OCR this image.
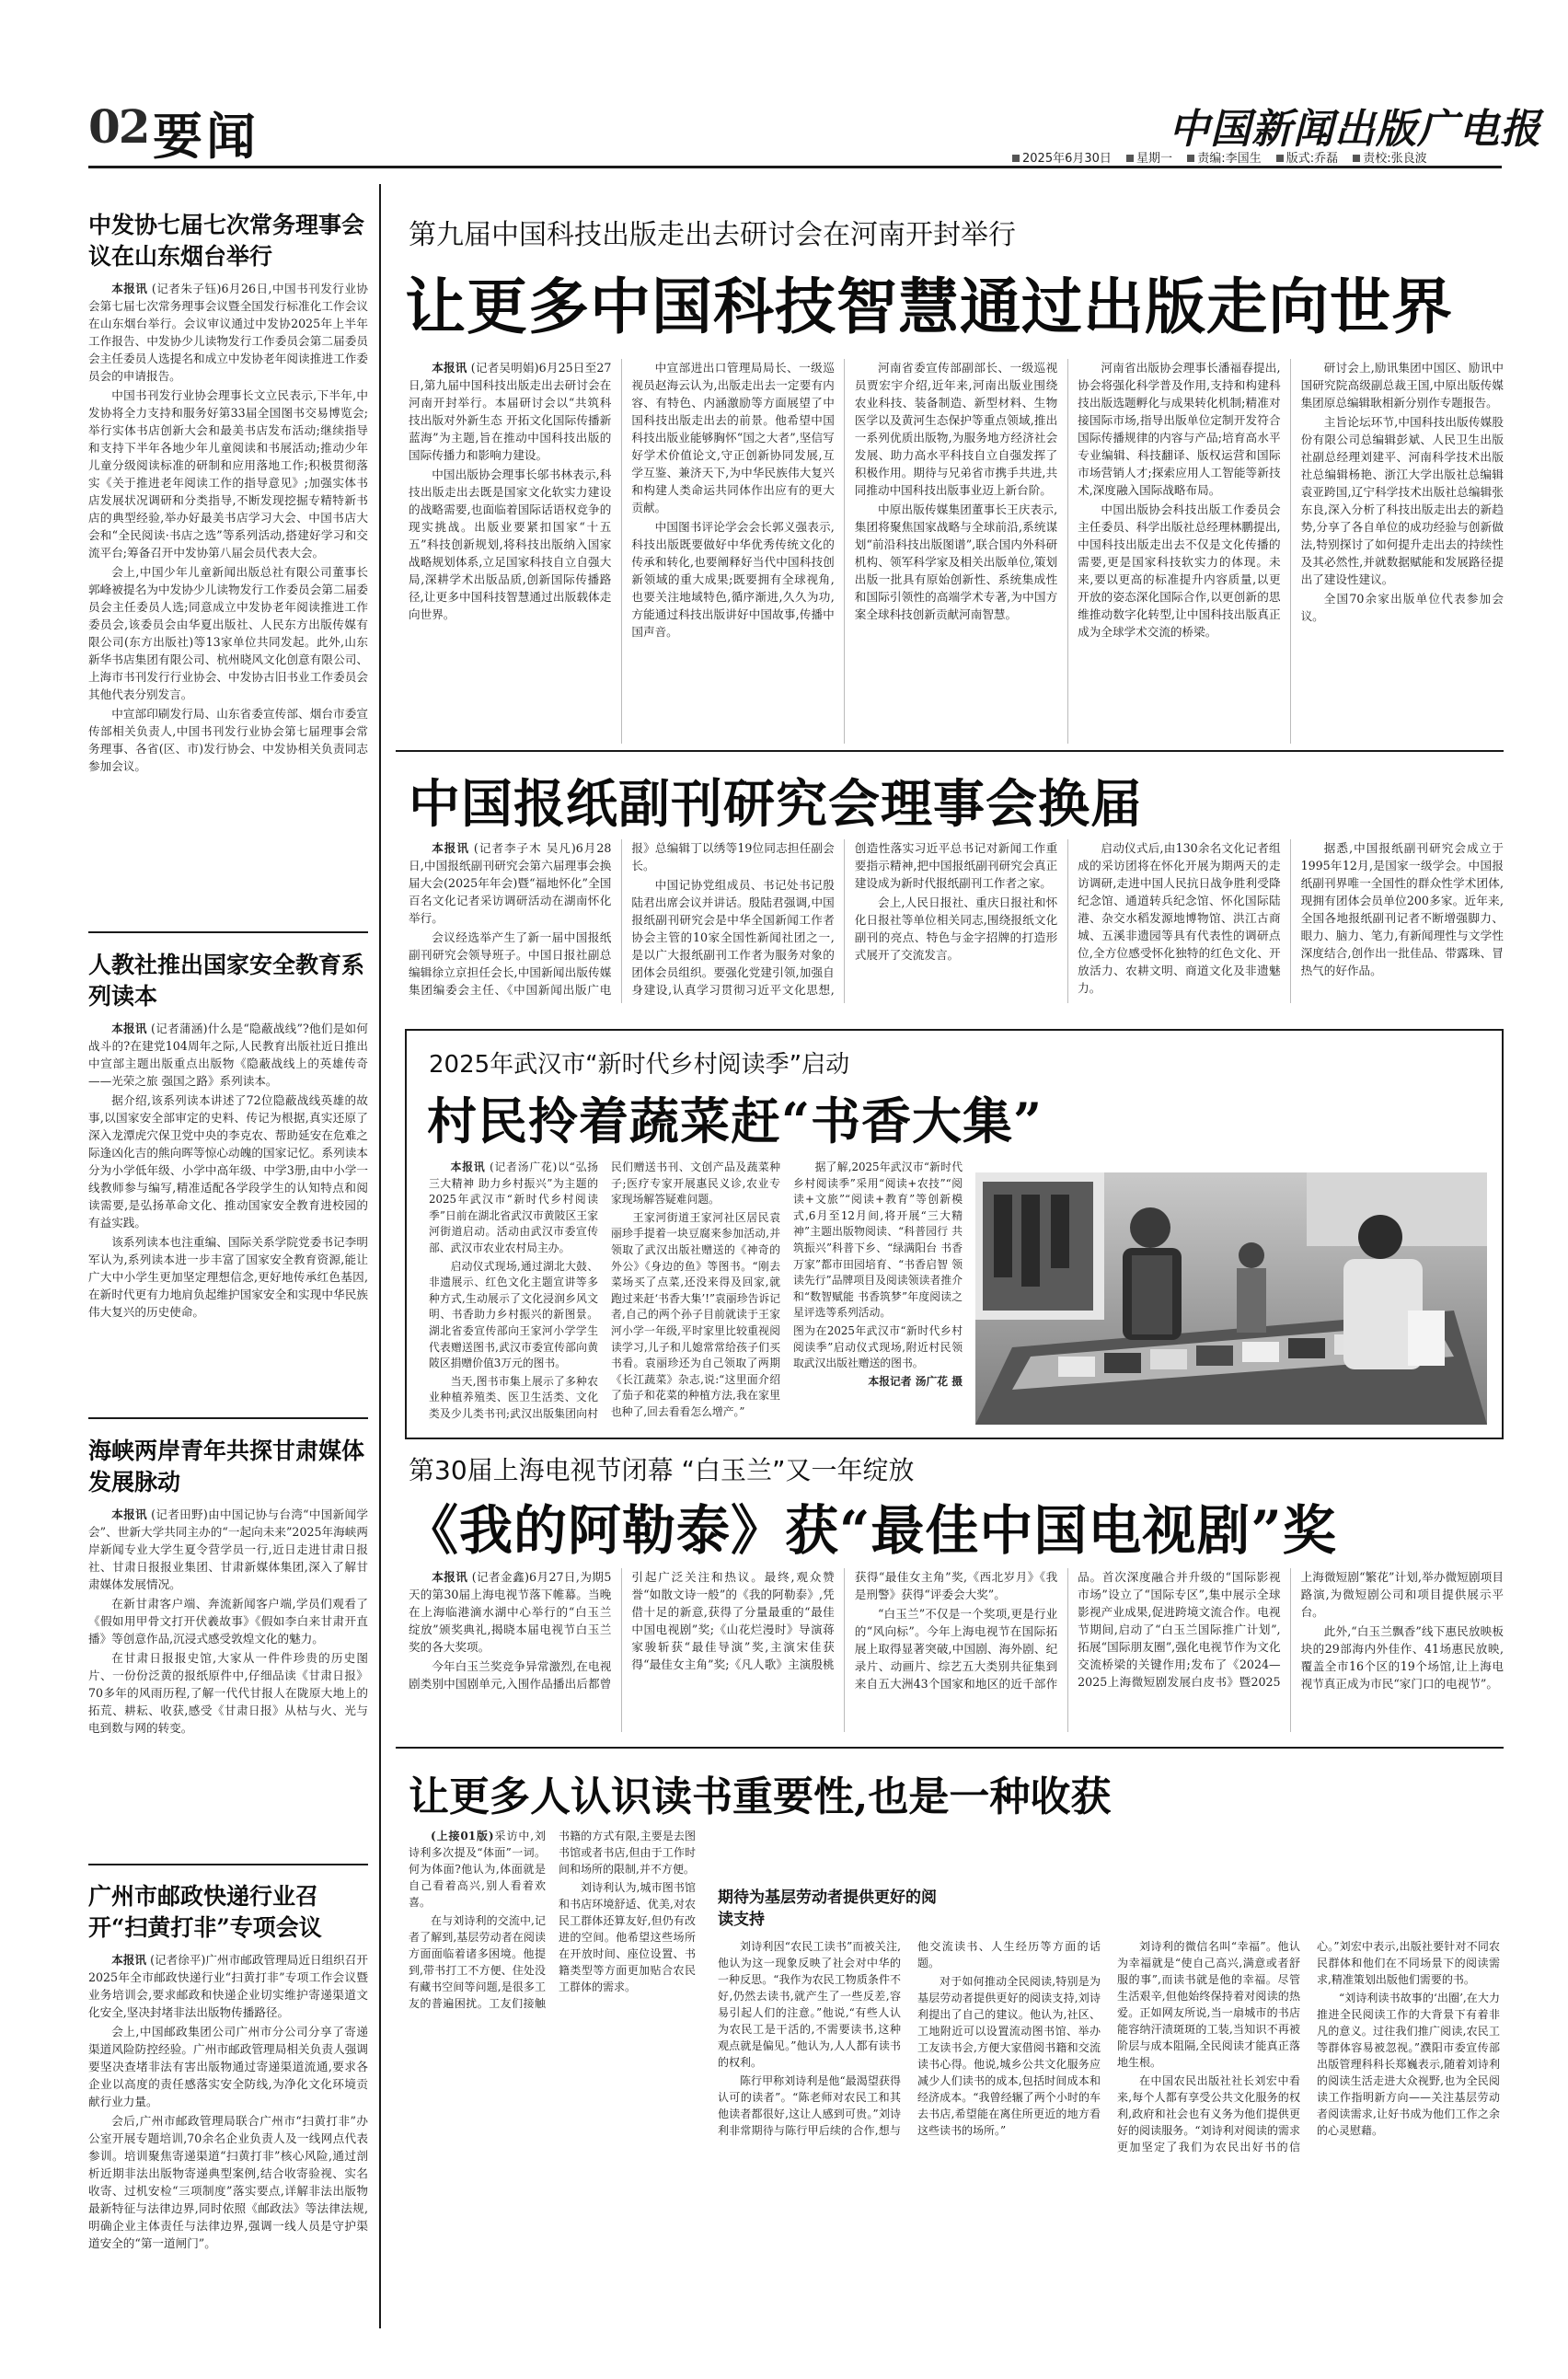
02 要闻	中国新闻出版广电报
2025年6月30日 星期一 责编:李国生 版式:乔磊 责校:张良波
中发协七届七次常务理事会议在山东烟台举行

本报讯 (记者朱子钰)6月26日,中国书刊发行业协会第七届七次常务理事会议暨全国发行标准化工作会议在山东烟台举行。会议审议通过中发协2025年上半年工作报告、中发协少儿读物发行工作委员会第二届委员会主任委员人选提名和成立中发协老年阅读推进工作委员会的申请报告。

中国书刊发行业协会理事长文立民表示,下半年,中发协将全力支持和服务好第33届全国图书交易博览会;举行实体书店创新大会和最美书店发布活动;继续指导和支持下半年各地少年儿童阅读和书展活动;推动少年儿童分级阅读标准的研制和应用落地工作;积极贯彻落实《关于推进老年阅读工作的指导意见》;加强实体书店发展状况调研和分类指导,不断发现挖掘专精特新书店的典型经验,举办好最美书店学习大会、中国书店大会和“全民阅读·书店之选”等系列活动,搭建好学习和交流平台;筹备召开中发协第八届会员代表大会。

会上,中国少年儿童新闻出版总社有限公司董事长郭峰被提名为中发协少儿读物发行工作委员会第二届委员会主任委员人选;同意成立中发协老年阅读推进工作委员会,该委员会由华夏出版社、人民东方出版传媒有限公司(东方出版社)等13家单位共同发起。此外,山东新华书店集团有限公司、杭州晓风文化创意有限公司、上海市书刊发行行业协会、中发协古旧书业工作委员会其他代表分别发言。

中宣部印刷发行局、山东省委宣传部、烟台市委宣传部相关负责人,中国书刊发行业协会第七届理事会常务理事、各省(区、市)发行协会、中发协相关负责同志参加会议。

人教社推出国家安全教育系列读本

本报讯 (记者蒲涵)什么是“隐蔽战线”?他们是如何战斗的?在建党104周年之际,人民教育出版社近日推出中宣部主题出版重点出版物《隐蔽战线上的英雄传奇——光荣之旅 强国之路》系列读本。

据介绍,该系列读本讲述了72位隐蔽战线英雄的故事,以国家安全部审定的史料、传记为根据,真实还原了深入龙潭虎穴保卫党中央的李克农、帮助延安在危难之际逢凶化吉的熊向晖等惊心动魄的国家记忆。系列读本分为小学低年级、小学中高年级、中学3册,由中小学一线教师参与编写,精准适配各学段学生的认知特点和阅读需要,是弘扬革命文化、推动国家安全教育进校园的有益实践。

该系列读本也注重编、国际关系学院党委书记李明军认为,系列读本进一步丰富了国家安全教育资源,能让广大中小学生更加坚定理想信念,更好地传承红色基因,在新时代更有力地肩负起维护国家安全和实现中华民族伟大复兴的历史使命。

海峡两岸青年共探甘肃媒体发展脉动

本报讯 (记者田野)由中国记协与台湾“中国新闻学会”、世新大学共同主办的“一起向未来”2025年海峡两岸新闻专业大学生夏令营学员一行,近日走进甘肃日报社、甘肃日报报业集团、甘肃新媒体集团,深入了解甘肃媒体发展情况。

在新甘肃客户端、奔流新闻客户端,学员们观看了《假如用甲骨文打开伏羲故事》《假如李白来甘肃开直播》等创意作品,沉浸式感受敦煌文化的魅力。

在甘肃日报报史馆,大家从一件件珍贵的历史图片、一份份泛黄的报纸原件中,仔细品读《甘肃日报》70多年的风雨历程,了解一代代甘报人在陇原大地上的拓荒、耕耘、收获,感受《甘肃日报》从枯与火、光与电到数与网的转变。

广州市邮政快递行业召开“扫黄打非”专项会议

本报讯 (记者徐平)广州市邮政管理局近日组织召开2025年全市邮政快递行业“扫黄打非”专项工作会议暨业务培训会,要求邮政和快递企业切实维护寄递渠道文化安全,坚决封堵非法出版物传播路径。

会上,中国邮政集团公司广州市分公司分享了寄递渠道风险防控经验。广州市邮政管理局相关负责人强调要坚决查堵非法有害出版物通过寄递渠道流通,要求各企业以高度的责任感落实安全防线,为净化文化环境贡献行业力量。

会后,广州市邮政管理局联合广州市“扫黄打非”办公室开展专题培训,70余名企业负责人及一线网点代表参训。培训聚焦寄递渠道“扫黄打非”核心风险,通过剖析近期非法出版物寄递典型案例,结合收寄验视、实名收寄、过机安检“三项制度”落实要点,详解非法出版物最新特征与法律边界,同时依照《邮政法》等法律法规,明确企业主体责任与法律边界,强调一线人员是守护渠道安全的“第一道闸门”。

第九届中国科技出版走出去研讨会在河南开封举行
让更多中国科技智慧通过出版走向世界

本报讯 (记者吴明娟)6月25日至27日,第九届中国科技出版走出去研讨会在河南开封举行。本届研讨会以“共筑科技出版对外新生态 开拓文化国际传播新蓝海”为主题,旨在推动中国科技出版的国际传播力和影响力建设。

中国出版协会理事长邬书林表示,科技出版走出去既是国家文化软实力建设的战略需要,也面临着国际话语权竞争的现实挑战。出版业要紧扣国家“十五五”科技创新规划,将科技出版纳入国家战略规划体系,立足国家科技自立自强大局,深耕学术出版品质,创新国际传播路径,让更多中国科技智慧通过出版载体走向世界。

中宣部进出口管理局局长、一级巡视员赵海云认为,出版走出去一定要有内容、有特色、内涵激励等方面展望了中国科技出版走出去的前景。他希望中国科技出版业能够胸怀“国之大者”,坚信写好学术价值论文,守正创新协同发展,互学互鉴、兼济天下,为中华民族伟大复兴和构建人类命运共同体作出应有的更大贡献。

中国图书评论学会会长郭义强表示,科技出版既要做好中华优秀传统文化的传承和转化,也要阐释好当代中国科技创新领域的重大成果;既要拥有全球视角,也要关注地域特色,循序渐进,久久为功,方能通过科技出版讲好中国故事,传播中国声音。

河南省委宣传部副部长、一级巡视员贾宏宇介绍,近年来,河南出版业围绕农业科技、装备制造、新型材料、生物医学以及黄河生态保护等重点领域,推出一系列优质出版物,为服务地方经济社会发展、助力高水平科技自立自强发挥了积极作用。期待与兄弟省市携手共进,共同推动中国科技出版事业迈上新台阶。

中原出版传媒集团董事长王庆表示,集团将聚焦国家战略与全球前沿,系统谋划“前沿科技出版图谱”,联合国内外科研机构、领军科学家及相关出版单位,策划出版一批具有原始创新性、系统集成性和国际引领性的高端学术专著,为中国方案全球科技创新贡献河南智慧。

河南省出版协会理事长潘福春提出,协会将强化科学普及作用,支持和构建科技出版选题孵化与成果转化机制;精准对接国际市场,指导出版单位定制开发符合国际传播规律的内容与产品;培育高水平专业编辑、科技翻译、版权运营和国际市场营销人才;探索应用人工智能等新技术,深度融入国际战略布局。

中国出版协会科技出版工作委员会主任委员、科学出版社总经理林鹏提出,中国科技出版走出去不仅是文化传播的需要,更是国家科技软实力的体现。未来,要以更高的标准提升内容质量,以更开放的姿态深化国际合作,以更创新的思维推动数字化转型,让中国科技出版真正成为全球学术交流的桥梁。

研讨会上,励讯集团中国区、励讯中国研究院高级副总裁王国,中原出版传媒集团原总编辑耿相新分别作专题报告。

主旨论坛环节,中国科技出版传媒股份有限公司总编辑彭斌、人民卫生出版社副总经理刘建平、河南科学技术出版社总编辑杨艳、浙江大学出版社总编辑袁亚跨国,辽宁科学技术出版社总编辑张东良,深入分析了科技出版走出去的新趋势,分享了各自单位的成功经验与创新做法,特别探讨了如何提升走出去的持续性及其必然性,并就数据赋能和发展路径提出了建设性建议。

全国70余家出版单位代表参加会议。

中国报纸副刊研究会理事会换届

本报讯 (记者李子木 吴凡)6月28日,中国报纸副刊研究会第六届理事会换届大会(2025年年会)暨“福地怀化”全国百名文化记者采访调研活动在湖南怀化举行。

会议经选举产生了新一届中国报纸副刊研究会领导班子。中国日报社副总编辑徐立京担任会长,中国新闻出版传媒集团编委会主任、《中国新闻出版广电报》总编辑丁以绣等19位同志担任副会长。

中国记协党组成员、书记处书记殷陆君出席会议并讲话。殷陆君强调,中国报纸副刊研究会是中华全国新闻工作者协会主管的10家全国性新闻社团之一,是以广大报纸副刊工作者为服务对象的团体会员组织。要强化党建引领,加强自身建设,认真学习贯彻习近平文化思想,创造性落实习近平总书记对新闻工作重要指示精神,把中国报纸副刊研究会真正建设成为新时代报纸副刊工作者之家。

会上,人民日报社、重庆日报社和怀化日报社等单位相关同志,围绕报纸文化副刊的亮点、特色与金字招牌的打造形式展开了交流发言。

启动仪式后,由130余名文化记者组成的采访团将在怀化开展为期两天的走访调研,走进中国人民抗日战争胜利受降纪念馆、通道转兵纪念馆、怀化国际陆港、杂交水稻发源地博物馆、洪江古商城、五溪非遗园等具有代表性的调研点位,全方位感受怀化独特的红色文化、开放活力、农耕文明、商道文化及非遗魅力。

据悉,中国报纸副刊研究会成立于1995年12月,是国家一级学会。中国报纸副刊界唯一全国性的群众性学术团体,现拥有团体会员单位200多家。近年来,全国各地报纸副刊记者不断增强脚力、眼力、脑力、笔力,有新闻理性与文学性深度结合,创作出一批佳品、带露珠、冒热气的好作品。

2025年武汉市“新时代乡村阅读季”启动
村民拎着蔬菜赶“书香大集”

本报讯 (记者汤广花)以“弘扬三大精神 助力乡村振兴”为主题的2025年武汉市“新时代乡村阅读季”日前在湖北省武汉市黄陂区王家河街道启动。活动由武汉市委宣传部、武汉市农业农村局主办。

启动仪式现场,通过湖北大鼓、非遗展示、红色文化主题宣讲等多种方式,生动展示了文化浸润乡风文明、书香助力乡村振兴的新图景。湖北省委宣传部向王家河小学学生代表赠送图书,武汉市委宣传部向黄陂区捐赠价值3万元的图书。

当天,图书市集上展示了多种农业种植养殖类、医卫生活类、文化类及少儿类书刊;武汉出版集团向村民们赠送书刊、文创产品及蔬菜种子;医疗专家开展惠民义诊,农业专家现场解答疑难问题。

王家河街道王家河社区居民袁丽珍手提着一块豆腐来参加活动,并领取了武汉出版社赠送的《神奇的外公》《身边的鱼》等图书。“刚去菜场买了点菜,还没来得及回家,就跑过来赶‘书香大集’!”袁丽珍告诉记者,自己的两个孙子目前就读于王家河小学一年级,平时家里比较重视阅读学习,儿子和儿媳常常给孩子们买书看。袁丽珍还为自己领取了两期《长江蔬菜》杂志,说:“这里面介绍了茄子和花菜的种植方法,我在家里也种了,回去看看怎么增产。”

据了解,2025年武汉市“新时代乡村阅读季”采用“阅读+农技”“阅读+文旅”“阅读+教育”等创新模式,6月至12月间,将开展“三大精神”主题出版物阅读、“科普园行 共筑振兴”科普下乡、“绿满阳台 书香万家”都市田园培育、“书香启智 领读先行”品牌项目及阅读领读者推介和“数智赋能 书香筑梦”年度阅读之星评选等系列活动。

图为在2025年武汉市“新时代乡村阅读季”启动仪式现场,附近村民领取武汉出版社赠送的图书。

本报记者 汤广花 摄

第30届上海电视节闭幕 “白玉兰”又一年绽放
《我的阿勒泰》获“最佳中国电视剧”奖

本报讯 (记者金鑫)6月27日,为期5天的第30届上海电视节落下帷幕。当晚在上海临港滴水湖中心举行的“白玉兰绽放”颁奖典礼,揭晓本届电视节白玉兰奖的各大奖项。

今年白玉兰奖竞争异常激烈,在电视剧类别中国剧单元,入围作品播出后都曾引起广泛关注和热议。最终,观众赞誉“如散文诗一般”的《我的阿勒泰》,凭借十足的新意,获得了分量最重的“最佳中国电视剧”奖;《山花烂漫时》导演蒋家骏斩获“最佳导演”奖,主演宋佳获得“最佳女主角”奖;《凡人歌》主演殷桃获得“最佳女主角”奖,《西北岁月》《我是刑警》获得“评委会大奖”。

“白玉兰”不仅是一个奖项,更是行业的“风向标”。今年上海电视节在国际拓展上取得显著突破,中国剧、海外剧、纪录片、动画片、综艺五大类别共征集到来自五大洲43个国家和地区的近千部作品。首次深度融合并升级的“国际影视市场”设立了“国际专区”,集中展示全球影视产业成果,促进跨境文流合作。电视节期间,启动了“白玉兰国际推广计划”,拓展“国际朋友圈”,强化电视节作为文化交流桥梁的关键作用;发布了《2024—2025上海微短剧发展白皮书》暨2025上海微短剧“繁花”计划,举办微短剧项目路演,为微短剧公司和项目提供展示平台。

此外,“白玉兰飘香”线下惠民放映板块的29部海内外佳作、41场惠民放映,覆盖全市16个区的19个场馆,让上海电视节真正成为市民“家门口的电视节”。

让更多人认识读书重要性,也是一种收获

(上接01版)采访中,刘诗利多次提及“体面”一词。何为体面?他认为,体面就是自己看着高兴,别人看着欢喜。

在与刘诗利的交流中,记者了解到,基层劳动者在阅读方面面临着诸多困境。他提到,带书打工不方便、住处没有藏书空间等问题,是很多工友的普遍困扰。工友们接触书籍的方式有限,主要是去图书馆或者书店,但由于工作时间和场所的限制,并不方便。

刘诗利认为,城市图书馆和书店环境舒适、优美,对农民工群体还算友好,但仍有改进的空间。他希望这些场所在开放时间、座位设置、书籍类型等方面更加贴合农民工群体的需求。

期待为基层劳动者提供更好的阅读支持

刘诗利因“农民工读书”而被关注,他认为这一现象反映了社会对中华的一种反思。“我作为农民工物质条件不好,仍然去读书,就产生了一些反差,容易引起人们的注意。”他说,“有些人认为农民工是干活的,不需要读书,这种观点就是偏见。”他认为,人人都有读书的权利。

陈行甲称刘诗利是他“最渴望获得认可的读者”。“陈老师对农民工和其他读者都很好,这让人感到可贵。”刘诗利非常期待与陈行甲后续的合作,想与他交流读书、人生经历等方面的话题。

对于如何推动全民阅读,特别是为基层劳动者提供更好的阅读支持,刘诗利提出了自己的建议。他认为,社区、工地附近可以设置流动图书馆、举办工友读书会,方便大家借阅书籍和交流读书心得。他说,城乡公共文化服务应减少人们读书的成本,包括时间成本和经济成本。“我曾经辗了两个小时的车去书店,希望能在离住所更近的地方看这些读书的场所。”

刘诗利的微信名叫“幸福”。他认为幸福就是“使自己高兴,满意或者舒服的事”,而读书就是他的幸福。尽管生活艰辛,但他始终保持着对阅读的热爱。正如网友所说,当一扇城市的书店能容纳汗渍斑斑的工装,当知识不再被阶层与成本阻隔,全民阅读才能真正落地生根。

在中国农民出版社社长刘宏中看来,每个人都有享受公共文化服务的权利,政府和社会也有义务为他们提供更好的阅读服务。“刘诗利对阅读的需求更加坚定了我们为农民出好书的信心。”刘宏中表示,出版社要针对不同农民群体和他们在不同场景下的阅读需求,精准策划出版他们需要的书。

“刘诗利读书故事的‘出圈’,在大力推进全民阅读工作的大背景下有着非凡的意义。过往我们推广阅读,农民工等群体容易被忽视。”濮阳市委宣传部出版管理科科长郑巍表示,随着刘诗利的阅读生活走进大众视野,也为全民阅读工作指明新方向——关注基层劳动者阅读需求,让好书成为他们工作之余的心灵慰藉。
